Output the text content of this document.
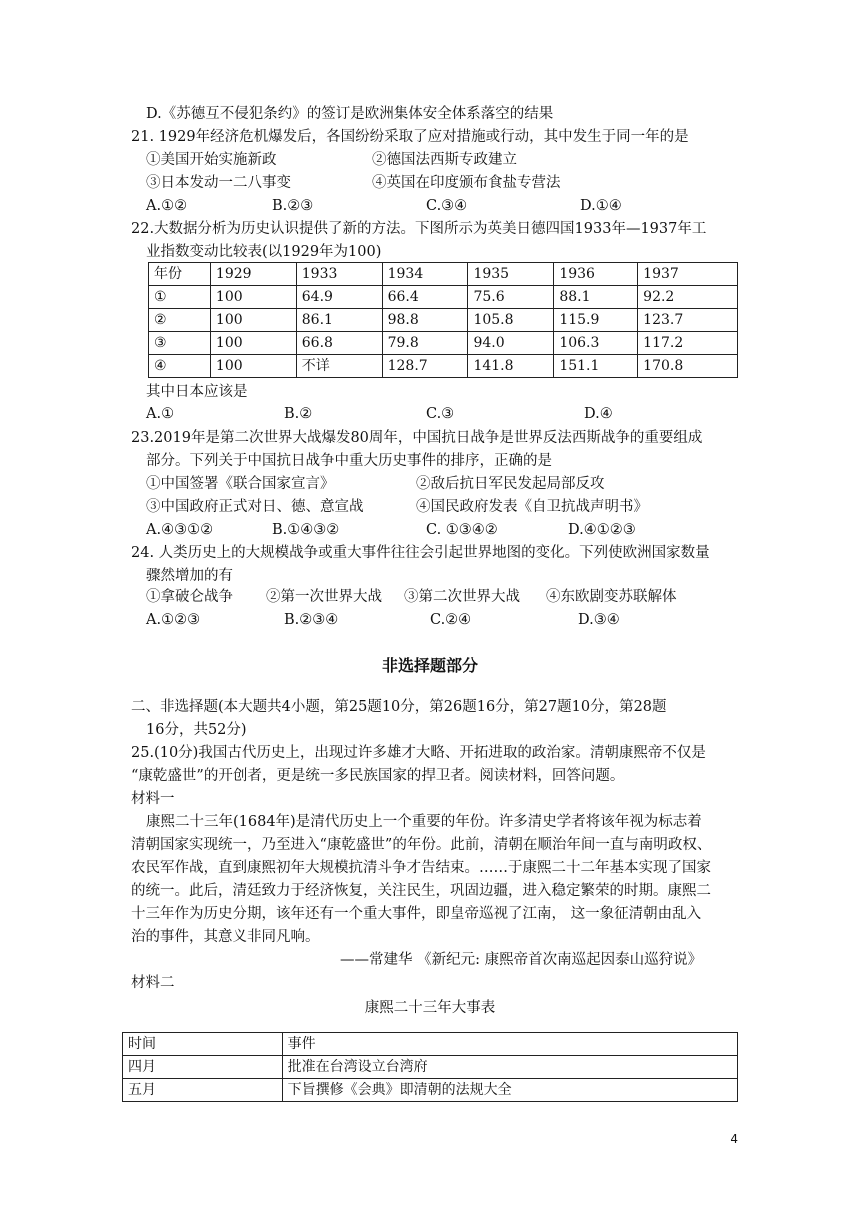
D.《苏德互不侵犯条约》的签订是欧洲集体安全体系落空的结果
21. 1929年经济危机爆发后，各国纷纷采取了应对措施或行动，其中发生于同一年的是
①美国开始实施新政	②德国法西斯专政建立
③日本发动一二八事变	④英国在印度颁布食盐专营法
A.①②	B.②③	C.③④	D.①④
22.大数据分析为历史认识提供了新的方法。下图所示为英美日德四国1933年—1937年工
业指数变动比较表(以1929年为100)
年份	1929	1933	1934	1935	1936	1937
①	100	64.9	66.4	75.6	88.1	92.2
②	100	86.1	98.8	105.8	115.9	123.7
③	100	66.8	79.8	94.0	106.3	117.2
④	100	不详	128.7	141.8	151.1	170.8
其中日本应该是
A.①	B.②	C.③	D.④
23.2019年是第二次世界大战爆发80周年，中国抗日战争是世界反法西斯战争的重要组成
部分。下列关于中国抗日战争中重大历史事件的排序，正确的是
①中国签署《联合国家宣言》	②敌后抗日军民发起局部反攻
③中国政府正式对日、德、意宣战	④国民政府发表《自卫抗战声明书》
A.④③①②	B.①④③②	C. ①③④②	D.④①②③
24. 人类历史上的大规模战争或重大事件往往会引起世界地图的变化。下列使欧洲国家数量
骤然增加的有
①拿破仑战争 ②第一次世界大战 ③第二次世界大战 ④东欧剧变苏联解体
A.①②③	B.②③④	C.②④	D.③④
非选择题部分
二、非选择题(本大题共4小题，第25题10分，第26题16分，第27题10分，第28题
16分，共52分)
25.(10分)我国古代历史上，出现过许多雄才大略、开拓进取的政治家。清朝康熙帝不仅是
“康乾盛世”的开创者，更是统一多民族国家的捍卫者。阅读材料，回答问题。
材料一
康熙二十三年(1684年)是清代历史上一个重要的年份。许多清史学者将该年视为标志着
清朝国家实现统一，乃至进入“康乾盛世”的年份。此前，清朝在顺治年间一直与南明政权、
农民军作战，直到康熙初年大规模抗清斗争才告结束。……于康熙二十二年基本实现了国家
的统一。此后，清廷致力于经济恢复，关注民生，巩固边疆，进入稳定繁荣的时期。康熙二
十三年作为历史分期，该年还有一个重大事件，即皇帝巡视了江南， 这一象征清朝由乱入
治的事件，其意义非同凡响。
——常建华 《新纪元: 康熙帝首次南巡起因泰山巡狩说》
材料二
康熙二十三年大事表
时间	事件
四月	批准在台湾设立台湾府
五月	下旨撰修《会典》即清朝的法规大全
4
